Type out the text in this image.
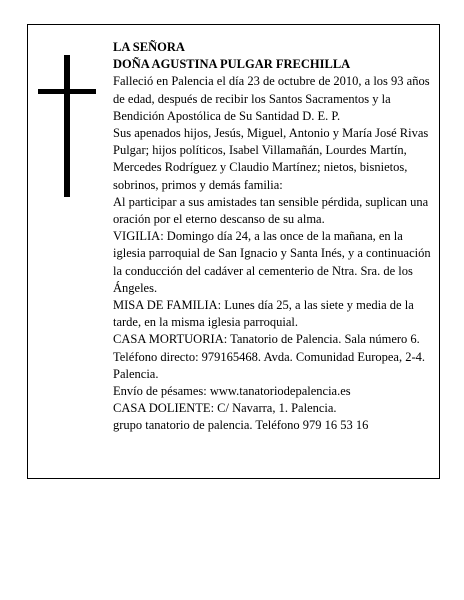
LA SEÑORA

DOÑA AGUSTINA PULGAR FRECHILLA

Falleció en Palencia el día 23 de octubre de 2010, a los 93 años de edad, después de recibir los Santos Sacramentos y la Bendición Apostólica de Su Santidad D. E. P.

Sus apenados hijos, Jesús, Miguel, Antonio y María José Rivas Pulgar; hijos políticos, Isabel Villamañán, Lourdes Martín, Mercedes Rodríguez y Claudio Martínez; nietos, bisnietos, sobrinos, primos y demás familia:

Al participar a sus amistades tan sensible pérdida, suplican una oración por el eterno descanso de su alma.

VIGILIA: Domingo día 24, a las once de la mañana, en la iglesia parroquial de San Ignacio y Santa Inés, y a continuación la conducción del cadáver al cementerio de Ntra. Sra. de los Ángeles.

MISA DE FAMILIA: Lunes día 25, a las siete y media de la tarde, en la misma iglesia parroquial.

CASA MORTUORIA: Tanatorio de Palencia. Sala número 6. Teléfono directo: 979165468. Avda. Comunidad Europea, 2-4. Palencia.

Envío de pésames: www.tanatoriodepalencia.es

CASA DOLIENTE: C/ Navarra, 1. Palencia.

grupo tanatorio de palencia. Teléfono 979 16 53 16
